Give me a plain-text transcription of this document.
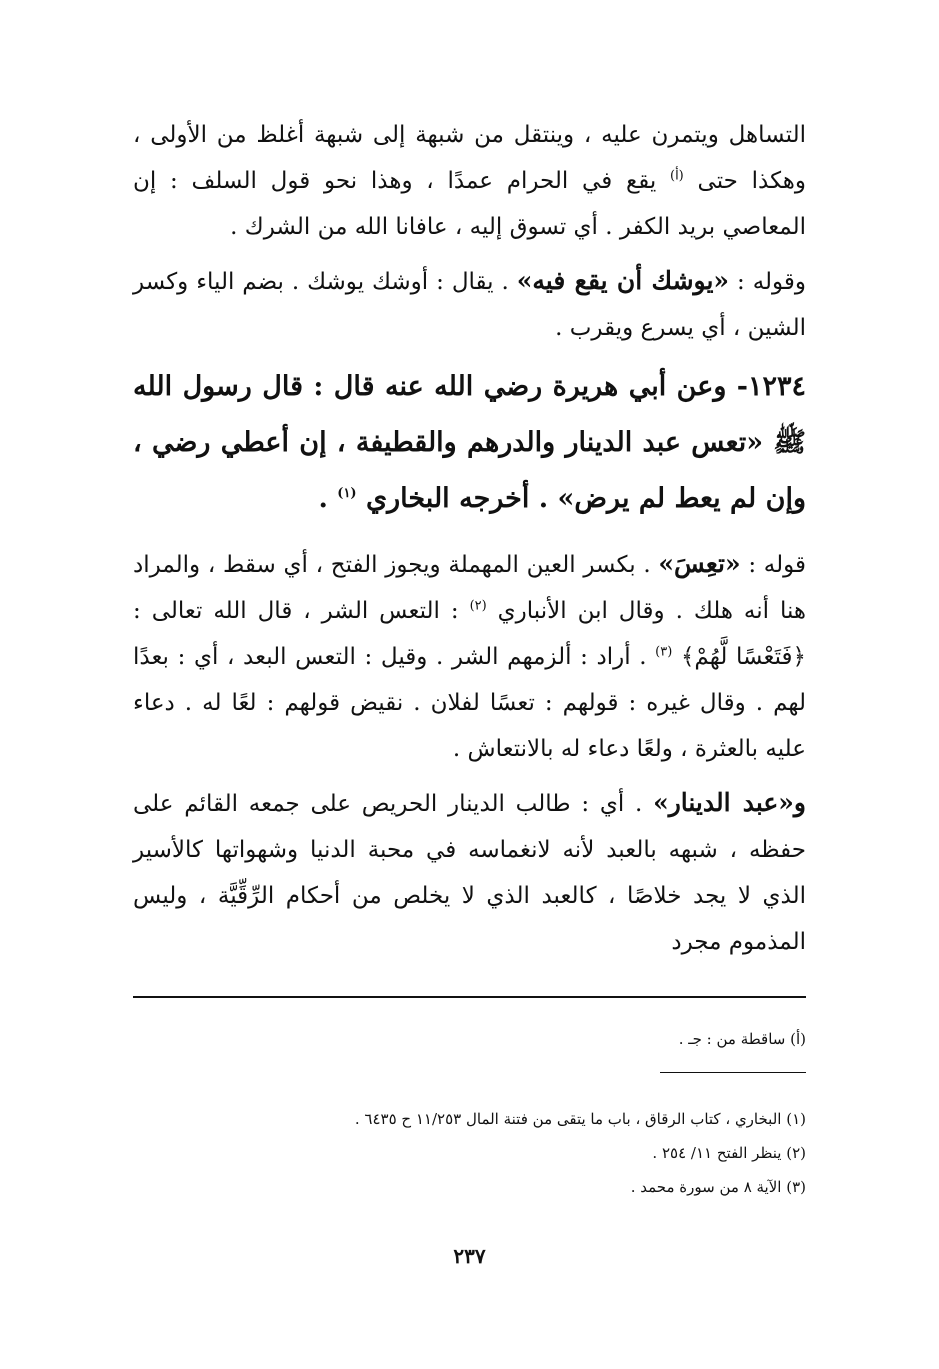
التساهل ويتمرن عليه ، وينتقل من شبهة إلى شبهة أغلظ من الأولى ، وهكذا حتى $^{(أ)}$ يقع في الحرام عمدًا ، وهذا نحو قول السلف : إن المعاصي بريد الكفر . أي تسوق إليه ، عافانا الله من الشرك .

وقوله : «يوشك أن يقع فيه» . يقال : أوشك يوشك . بضم الياء وكسر الشين ، أي يسرع ويقرب .

١٢٣٤- وعن أبي هريرة رضي الله عنه قال : قال رسول الله ﷺ «تعس عبد الدينار والدرهم والقطيفة ، إن أعطي رضي ، وإن لم يعط لم يرض» . أخرجه البخاري $^{(١)}$ .

قوله : «تعِسَ» . بكسر العين المهملة ويجوز الفتح ، أي سقط ، والمراد هنا أنه هلك . وقال ابن الأنباري $^{(٢)}$ : التعس الشر ، قال الله تعالى : ﴿فَتَعْسًا لَّهُمْ﴾ $^{(٣)}$ . أراد : ألزمهم الشر . وقيل : التعس البعد ، أي : بعدًا لهم . وقال غيره : قولهم : تعسًا لفلان . نقيض قولهم : لعًا له . دعاء عليه بالعثرة ، ولعًا دعاء له بالانتعاش .

و«عبد الدينار» . أي : طالب الدينار الحريص على جمعه القائم على حفظه ، شبهه بالعبد لأنه لانغماسه في محبة الدنيا وشهواتها كالأسير الذي لا يجد خلاصًا ، كالعبد الذي لا يخلص من أحكام الرِّقِّيَّة ، وليس المذموم مجرد

(أ) ساقطة من : جـ .
(١) البخاري ، كتاب الرقاق ، باب ما يتقى من فتنة المال ١١/٢٥٣ ح ٦٤٣٥ .
(٢) ينظر الفتح ١١/ ٢٥٤ .
(٣) الآية ٨ من سورة محمد .
٢٣٧
